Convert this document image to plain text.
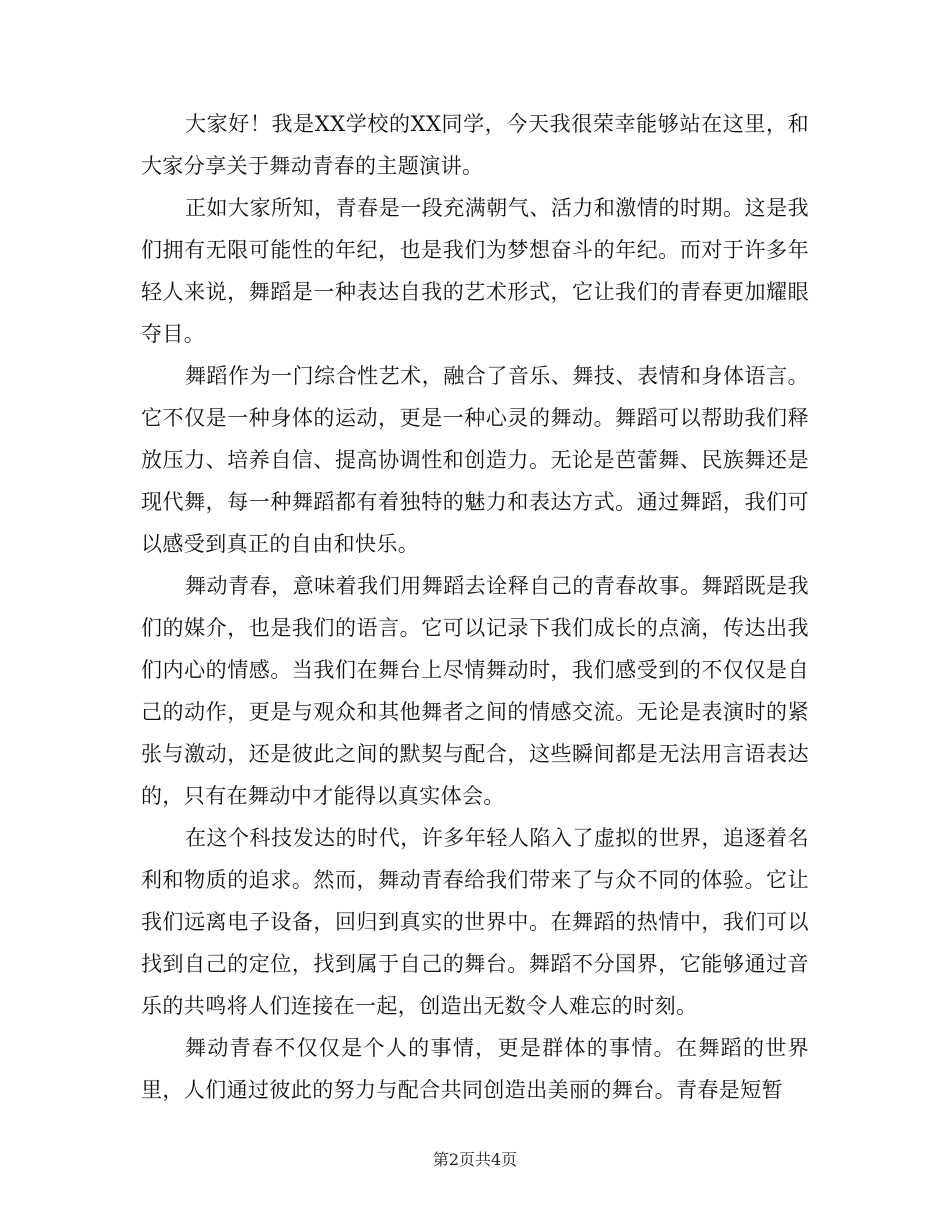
大家好！我是XX学校的XX同学，今天我很荣幸能够站在这里，和大家分享关于舞动青春的主题演讲。

正如大家所知，青春是一段充满朝气、活力和激情的时期。这是我们拥有无限可能性的年纪，也是我们为梦想奋斗的年纪。而对于许多年轻人来说，舞蹈是一种表达自我的艺术形式，它让我们的青春更加耀眼夺目。

舞蹈作为一门综合性艺术，融合了音乐、舞技、表情和身体语言。它不仅是一种身体的运动，更是一种心灵的舞动。舞蹈可以帮助我们释放压力、培养自信、提高协调性和创造力。无论是芭蕾舞、民族舞还是现代舞，每一种舞蹈都有着独特的魅力和表达方式。通过舞蹈，我们可以感受到真正的自由和快乐。

舞动青春，意味着我们用舞蹈去诠释自己的青春故事。舞蹈既是我们的媒介，也是我们的语言。它可以记录下我们成长的点滴，传达出我们内心的情感。当我们在舞台上尽情舞动时，我们感受到的不仅仅是自己的动作，更是与观众和其他舞者之间的情感交流。无论是表演时的紧张与激动，还是彼此之间的默契与配合，这些瞬间都是无法用言语表达的，只有在舞动中才能得以真实体会。

在这个科技发达的时代，许多年轻人陷入了虚拟的世界，追逐着名利和物质的追求。然而，舞动青春给我们带来了与众不同的体验。它让我们远离电子设备，回归到真实的世界中。在舞蹈的热情中，我们可以找到自己的定位，找到属于自己的舞台。舞蹈不分国界，它能够通过音乐的共鸣将人们连接在一起，创造出无数令人难忘的时刻。

舞动青春不仅仅是个人的事情，更是群体的事情。在舞蹈的世界里，人们通过彼此的努力与配合共同创造出美丽的舞台。青春是短暂

第2页共4页
